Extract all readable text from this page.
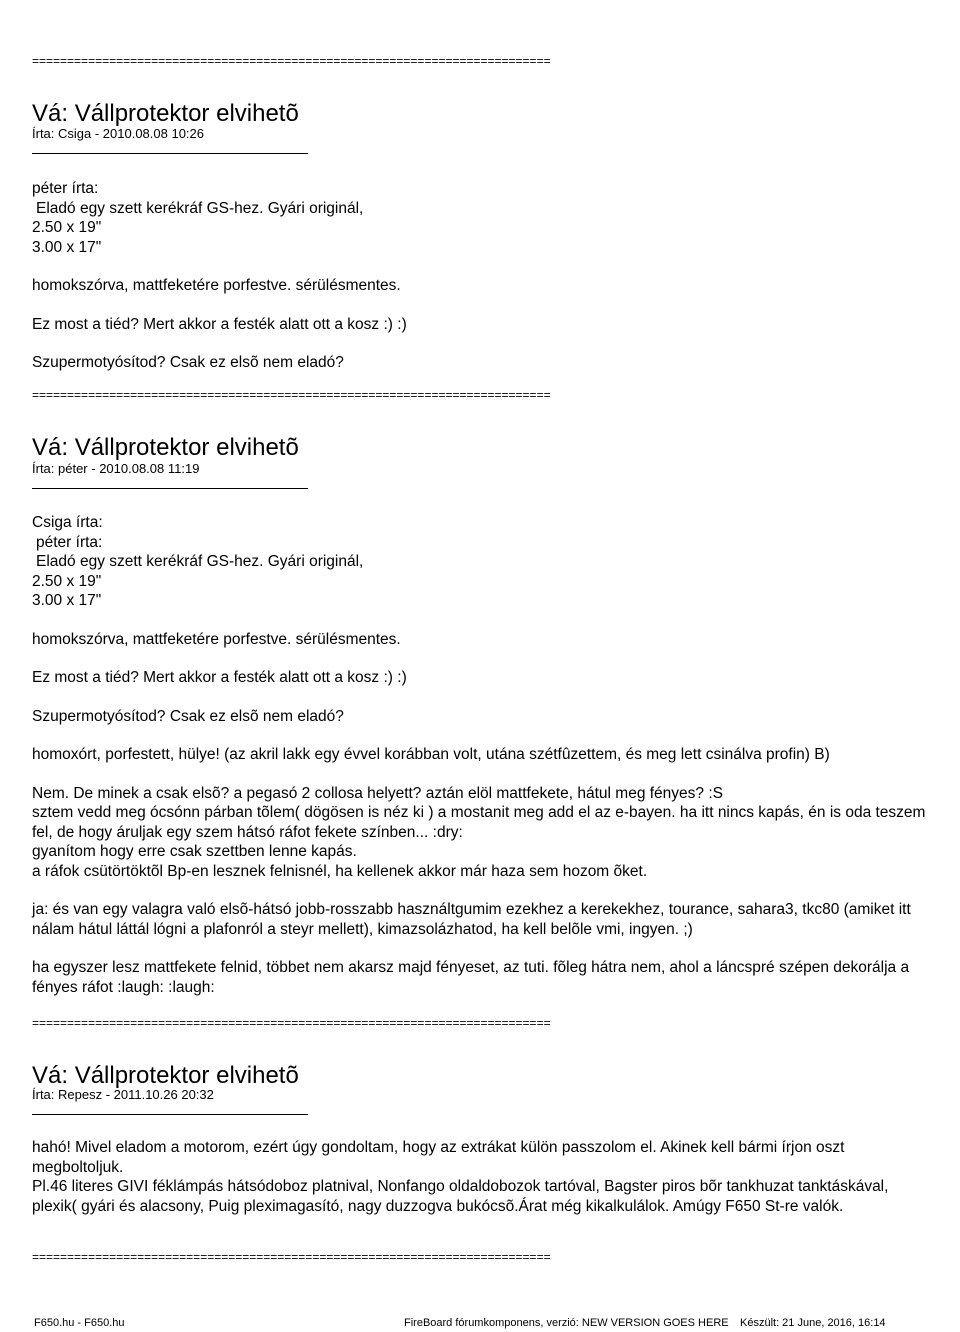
==========================================================================
Vá: Vállprotektor elvihetõ
Írta: Csiga - 2010.08.08 10:26
péter írta:
Eladó egy szett kerékráf GS-hez. Gyári originál,
2.50 x 19"
3.00 x 17"
homokszórva, mattfeketére porfestve. sérülésmentes.
Ez most a tiéd? Mert akkor a festék alatt ott a kosz :) :)
Szupermotyósítod? Csak ez elsõ nem eladó?
==========================================================================
Vá: Vállprotektor elvihetõ
Írta: péter - 2010.08.08 11:19
Csiga írta:
péter írta:
Eladó egy szett kerékráf GS-hez. Gyári originál,
2.50 x 19"
3.00 x 17"
homokszórva, mattfeketére porfestve. sérülésmentes.
Ez most a tiéd? Mert akkor a festék alatt ott a kosz :) :)
Szupermotyósítod? Csak ez elsõ nem eladó?
homoxórt, porfestett, hülye! (az akril lakk egy évvel korábban volt, utána szétfûzettem, és meg lett csinálva profin) B)
Nem. De minek a csak elsõ? a pegasó 2 collosa helyett? aztán elöl mattfekete, hátul meg fényes? :S
sztem vedd meg ócsónn párban tõlem( dögösen is néz ki ) a mostanit meg add el az e-bayen. ha itt nincs kapás, én is oda teszem fel, de hogy áruljak egy szem hátsó ráfot fekete színben... :dry:
gyanítom hogy erre csak szettben lenne kapás.
a ráfok csütörtöktõl Bp-en lesznek felnisnél, ha kellenek akkor már haza sem hozom õket.
ja: és van egy valagra való elsõ-hátsó jobb-rosszabb használtgumim ezekhez a kerekekhez, tourance, sahara3, tkc80 (amiket itt nálam hátul láttál lógni a plafonról a steyr mellett), kimazsolázhatod, ha kell belõle vmi, ingyen. ;)
ha egyszer lesz mattfekete felnid, többet nem akarsz majd fényeset, az tuti. fõleg hátra nem, ahol a láncspré szépen dekorálja a fényes ráfot :laugh: :laugh:
==========================================================================
Vá: Vállprotektor elvihetõ
Írta: Repesz - 2011.10.26 20:32
hahó! Mivel eladom a motorom, ezért úgy gondoltam, hogy az extrákat külön passzolom el. Akinek kell bármi írjon oszt megboltoljuk.
Pl.46 literes GIVI féklámpás hátsódoboz platnival, Nonfango oldaldobozok tartóval, Bagster piros bõr tankhuzat tanktáskával, plexik( gyári és alacsony, Puig pleximagasító, nagy duzzogva bukócsõ.Árat még kikalkulálok. Amúgy F650 St-re valók.
==========================================================================
F650.hu - F650.hu	FireBoard fórumkomponens, verzió: NEW VERSION GOES HERE Készült: 21 June, 2016, 16:14
